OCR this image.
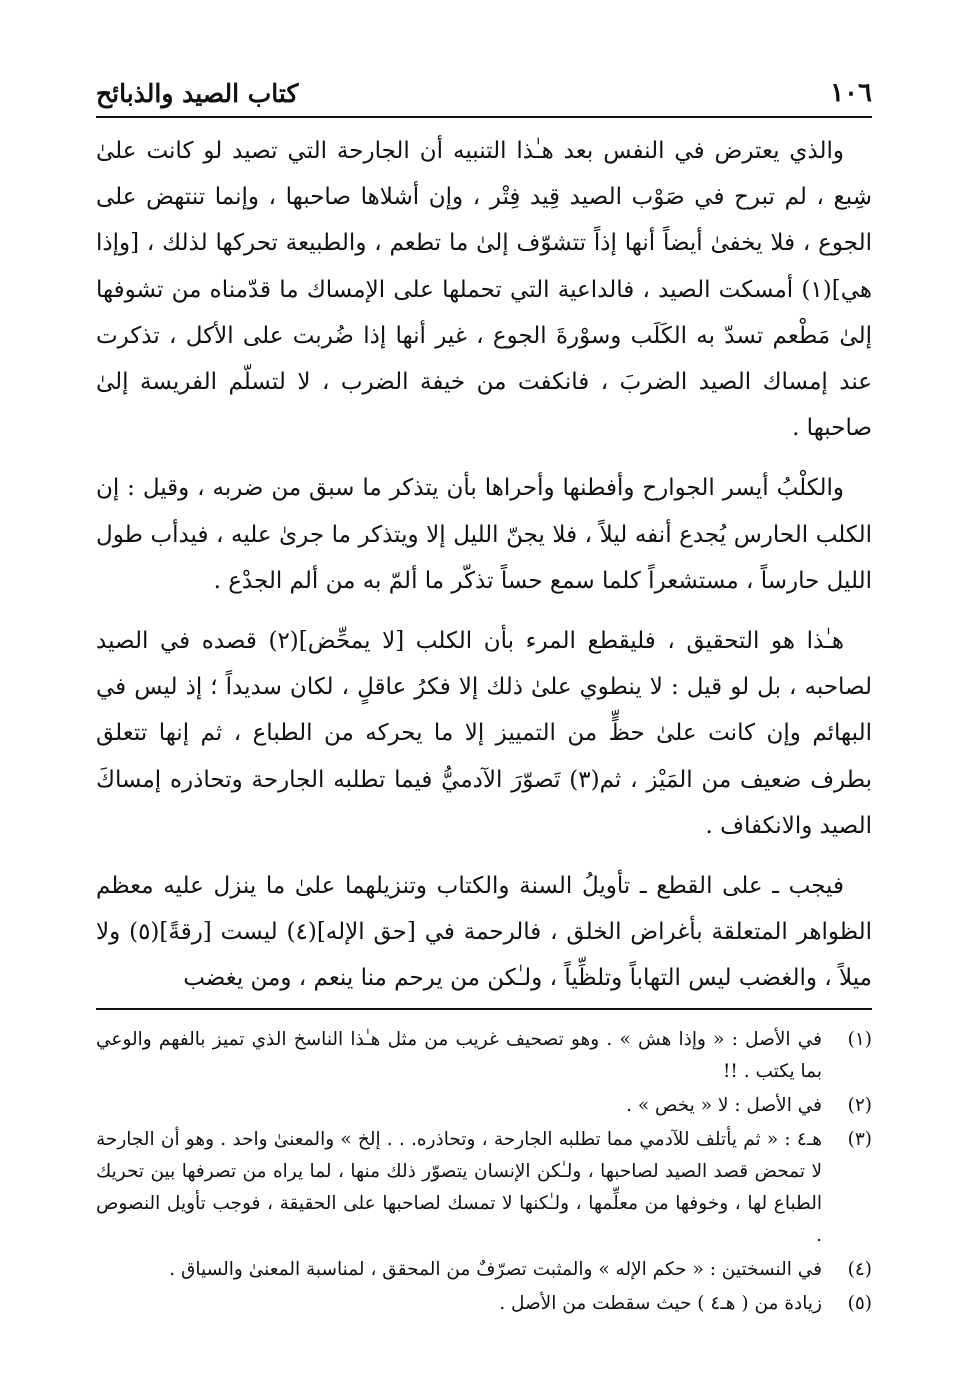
١٠٦
كتاب الصيد والذبائح

والذي يعترض في النفس بعد هـٰذا التنبيه أن الجارحة التي تصيد لو كانت علىٰ شِبع ، لم تبرح في صَوْب الصيد قِيد فِتْر ، وإن أشلاها صاحبها ، وإنما تنتهض على الجوع ، فلا يخفىٰ أيضاً أنها إذاً تتشوّف إلىٰ ما تطعم ، والطبيعة تحركها لذلك ، [وإذا هي](١) أمسكت الصيد ، فالداعية التي تحملها على الإمساك ما قدّمناه من تشوفها إلىٰ مَطْعم تسدّ به الكَلَب وسوْرةَ الجوع ، غير أنها إذا ضُربت على الأكل ، تذكرت عند إمساك الصيد الضربَ ، فانكفت من خيفة الضرب ، لا لتسلّم الفريسة إلىٰ صاحبها .

والكلْبُ أيسر الجوارح وأفطنها وأحراها بأن يتذكر ما سبق من ضربه ، وقيل : إن الكلب الحارس يُجدع أنفه ليلاً ، فلا يجنّ الليل إلا ويتذكر ما جرىٰ عليه ، فيدأب طول الليل حارساً ، مستشعراً كلما سمع حساً تذكّر ما ألمّ به من ألم الجدْع .

هـٰذا هو التحقيق ، فليقطع المرء بأن الكلب [لا يمحِّض](٢) قصده في الصيد لصاحبه ، بل لو قيل : لا ينطوي علىٰ ذلك إلا فكرُ عاقلٍ ، لكان سديداً ؛ إذ ليس في البهائم وإن كانت علىٰ حظٍّ من التمييز إلا ما يحركه من الطباع ، ثم إنها تتعلق بطرف ضعيف من المَيْز ، ثم(٣) تَصوّرَ الآدميُّ فيما تطلبه الجارحة وتحاذره إمساكَ الصيد والانكفاف .

فيجب ـ على القطع ـ تأويلُ السنة والكتاب وتنزيلهما علىٰ ما ينزل عليه معظم الظواهر المتعلقة بأغراض الخلق ، فالرحمة في [حق الإله](٤) ليست [رقةً](٥) ولا ميلاً ، والغضب ليس التهاباً وتلظِّياً ، ولـٰكن من يرحم منا ينعم ، ومن يغضب

(١)
في الأصل : « وإذا هش » . وهو تصحيف غريب من مثل هـٰذا الناسخ الذي تميز بالفهم والوعي بما يكتب . !!
(٢)
في الأصل : لا « يخص » .
(٣)
هـ٤ : « ثم يأتلف للآدمي مما تطلبه الجارحة ، وتحاذره. . . إلخ » والمعنىٰ واحد . وهو أن الجارحة لا تمحض قصد الصيد لصاحبها ، ولـٰكن الإنسان يتصوّر ذلك منها ، لما يراه من تصرفها بين تحريك الطباع لها ، وخوفها من معلِّمها ، ولـٰكنها لا تمسك لصاحبها على الحقيقة ، فوجب تأويل النصوص .
(٤)
في النسختين : « حكم الإله » والمثبت تصرّفٌ من المحقق ، لمناسبة المعنىٰ والسياق .
(٥)
زيادة من ( هـ٤ ) حيث سقطت من الأصل .
